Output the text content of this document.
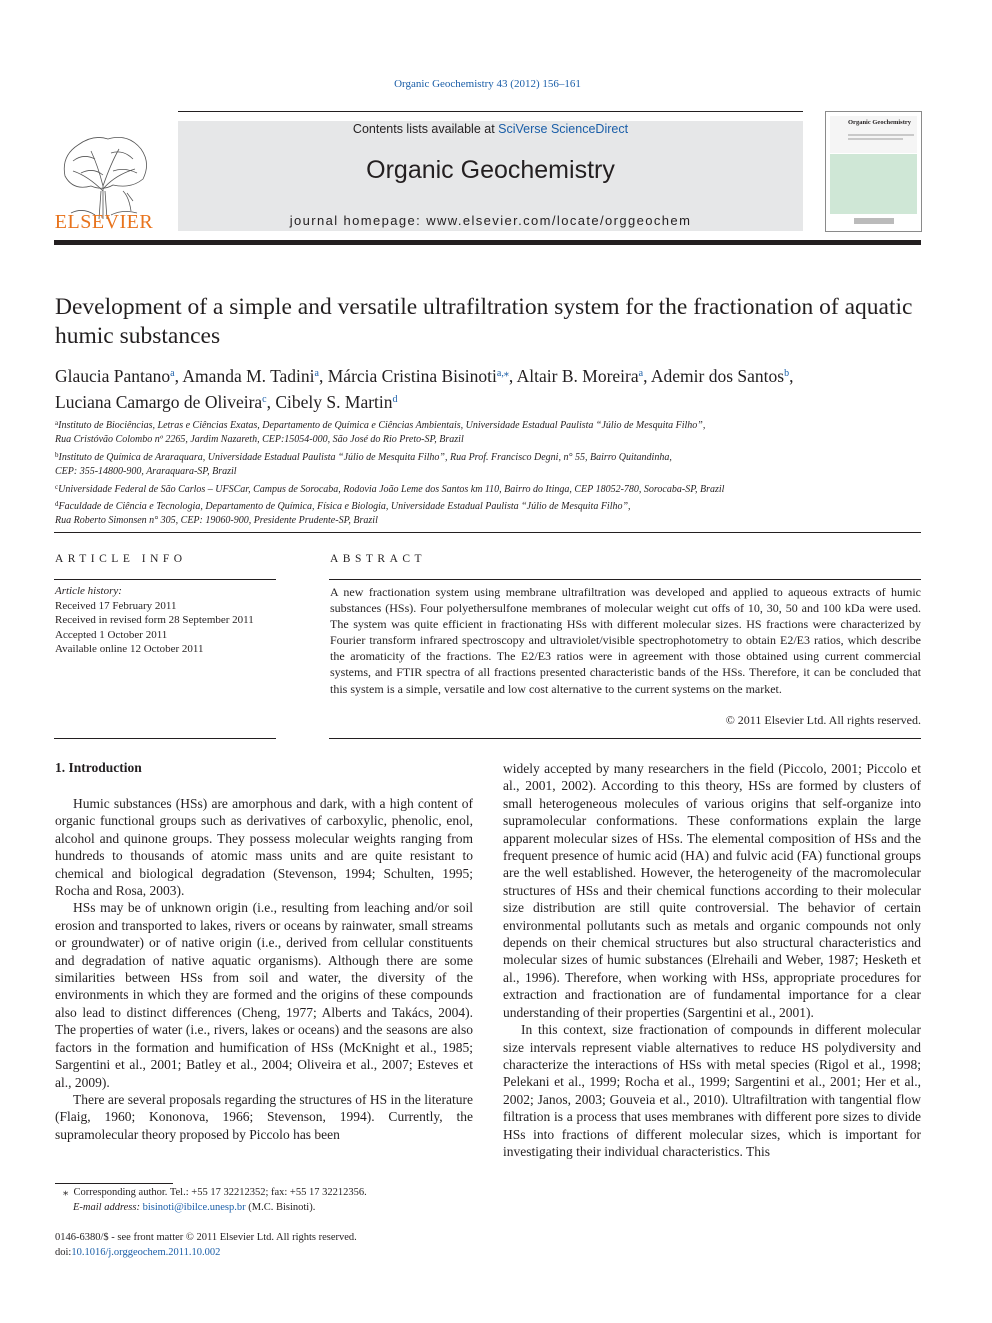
Organic Geochemistry 43 (2012) 156–161
ELSEVIER
Contents lists available at SciVerse ScienceDirect
Organic Geochemistry
journal homepage: www.elsevier.com/locate/orggeochem
Organic Geochemistry
Development of a simple and versatile ultrafiltration system for the fractionation of aquatic humic substances
Glaucia Pantano$^a$, Amanda M. Tadini$^a$, Márcia Cristina Bisinoti$^{a,⁎}$, Altair B. Moreira$^a$, Ademir dos Santos$^b$,
Luciana Camargo de Oliveira$^c$, Cibely S. Martin$^d$
$^a$Instituto de Biociências, Letras e Ciências Exatas, Departamento de Química e Ciências Ambientais, Universidade Estadual Paulista “Júlio de Mesquita Filho”,
Rua Cristóvão Colombo nº 2265, Jardim Nazareth, CEP:15054-000, São José do Rio Preto-SP, Brazil
$^b$Instituto de Química de Araraquara, Universidade Estadual Paulista “Júlio de Mesquita Filho”, Rua Prof. Francisco Degni, n° 55, Bairro Quitandinha,
CEP: 355-14800-900, Araraquara-SP, Brazil
$^c$Universidade Federal de São Carlos – UFSCar, Campus de Sorocaba, Rodovia João Leme dos Santos km 110, Bairro do Itinga, CEP 18052-780, Sorocaba-SP, Brazil
$^d$Faculdade de Ciência e Tecnologia, Departamento de Química, Física e Biologia, Universidade Estadual Paulista “Júlio de Mesquita Filho”,
Rua Roberto Simonsen n° 305, CEP: 19060-900, Presidente Prudente-SP, Brazil
ARTICLE INFO
Article history:
Received 17 February 2011
Received in revised form 28 September 2011
Accepted 1 October 2011
Available online 12 October 2011
ABSTRACT
A new fractionation system using membrane ultrafiltration was developed and applied to aqueous extracts of humic substances (HSs). Four polyethersulfone membranes of molecular weight cut offs of 10, 30, 50 and 100 kDa were used. The system was quite efficient in fractionating HSs with different molecular sizes. HS fractions were characterized by Fourier transform infrared spectroscopy and ultraviolet/visible spectrophotometry to obtain E2/E3 ratios, which describe the aromaticity of the fractions. The E2/E3 ratios were in agreement with those obtained using current commercial systems, and FTIR spectra of all fractions presented characteristic bands of the HSs. Therefore, it can be concluded that this system is a simple, versatile and low cost alternative to the current systems on the market.
© 2011 Elsevier Ltd. All rights reserved.
1. Introduction

Humic substances (HSs) are amorphous and dark, with a high content of organic functional groups such as derivatives of carboxylic, phenolic, enol, alcohol and quinone groups. They possess molecular weights ranging from hundreds to thousands of atomic mass units and are quite resistant to chemical and biological degradation (Stevenson, 1994; Schulten, 1995; Rocha and Rosa, 2003).

HSs may be of unknown origin (i.e., resulting from leaching and/or soil erosion and transported to lakes, rivers or oceans by rainwater, small streams or groundwater) or of native origin (i.e., derived from cellular constituents and degradation of native aquatic organisms). Although there are some similarities between HSs from soil and water, the diversity of the environments in which they are formed and the origins of these compounds also lead to distinct differences (Cheng, 1977; Alberts and Takács, 2004). The properties of water (i.e., rivers, lakes or oceans) and the seasons are also factors in the formation and humification of HSs (McKnight et al., 1985; Sargentini et al., 2001; Batley et al., 2004; Oliveira et al., 2007; Esteves et al., 2009).

There are several proposals regarding the structures of HS in the literature (Flaig, 1960; Kononova, 1966; Stevenson, 1994). Currently, the supramolecular theory proposed by Piccolo has been

widely accepted by many researchers in the field (Piccolo, 2001; Piccolo et al., 2001, 2002). According to this theory, HSs are formed by clusters of small heterogeneous molecules of various origins that self-organize into supramolecular conformations. These conformations explain the large apparent molecular sizes of HSs. The elemental composition of HSs and the frequent presence of humic acid (HA) and fulvic acid (FA) functional groups are the well established. However, the heterogeneity of the macromolecular structures of HSs and their chemical functions according to their molecular size distribution are still quite controversial. The behavior of certain environmental pollutants such as metals and organic compounds not only depends on their chemical structures but also structural characteristics and molecular sizes of humic substances (Elrehaili and Weber, 1987; Hesketh et al., 1996). Therefore, when working with HSs, appropriate procedures for extraction and fractionation are of fundamental importance for a clear understanding of their properties (Sargentini et al., 2001).

In this context, size fractionation of compounds in different molecular size intervals represent viable alternatives to reduce HS polydiversity and characterize the interactions of HSs with metal species (Rigol et al., 1998; Pelekani et al., 1999; Rocha et al., 1999; Sargentini et al., 2001; Her et al., 2002; Janos, 2003; Gouveia et al., 2010). Ultrafiltration with tangential flow filtration is a process that uses membranes with different pore sizes to divide HSs into fractions of different molecular sizes, which is important for investigating their individual characteristics. This

⁎ Corresponding author. Tel.: +55 17 32212352; fax: +55 17 32212356.
E-mail address: bisinoti@ibilce.unesp.br (M.C. Bisinoti).
0146-6380/$ - see front matter © 2011 Elsevier Ltd. All rights reserved.
doi:10.1016/j.orggeochem.2011.10.002
